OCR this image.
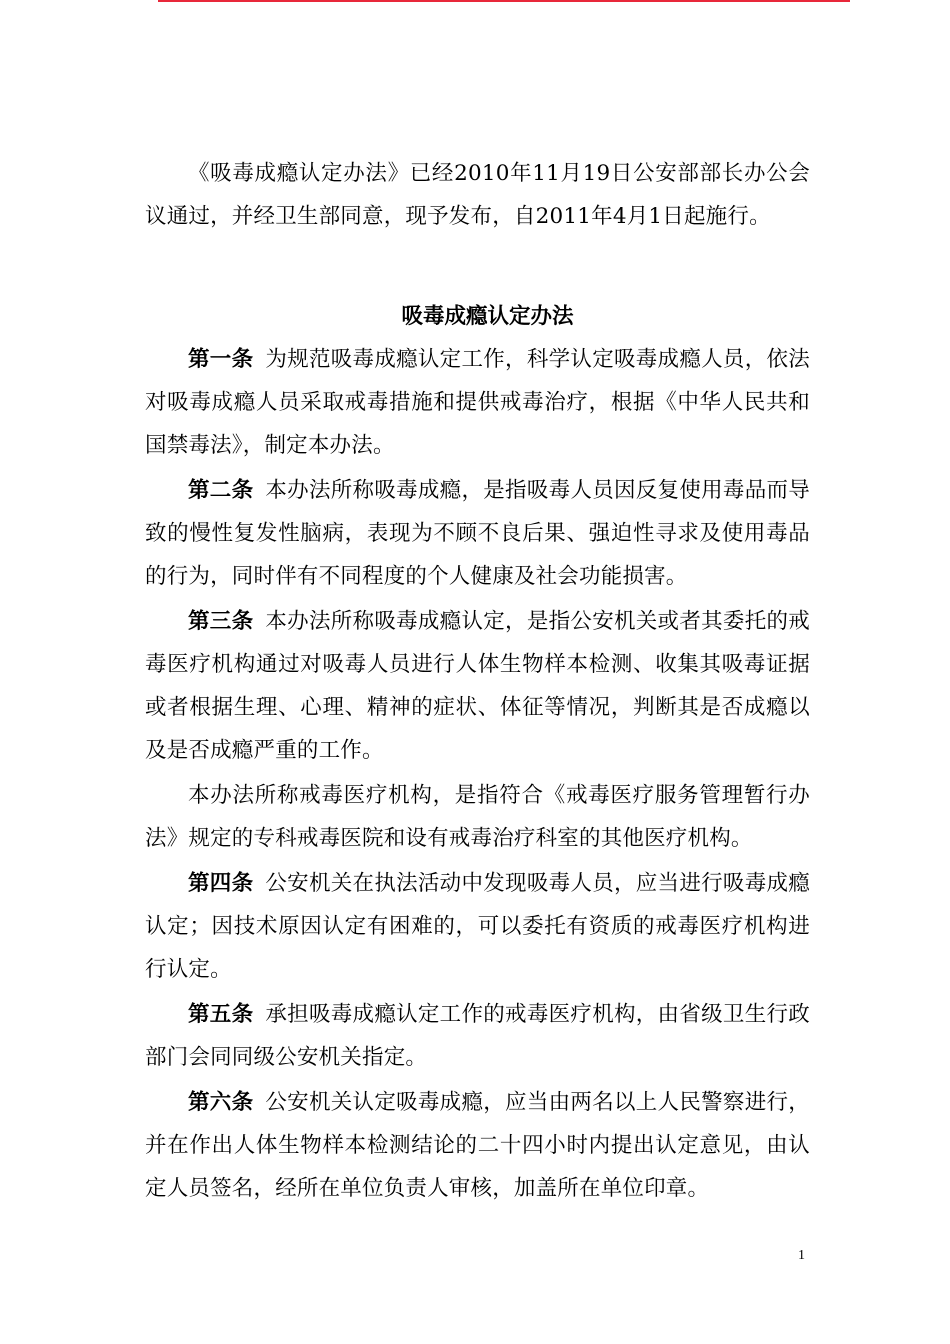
《吸毒成瘾认定办法》已经2010年11月19日公安部部长办公会议通过，并经卫生部同意，现予发布，自2011年4月1日起施行。

吸毒成瘾认定办法

第一条 为规范吸毒成瘾认定工作，科学认定吸毒成瘾人员，依法对吸毒成瘾人员采取戒毒措施和提供戒毒治疗，根据《中华人民共和国禁毒法》，制定本办法。

第二条 本办法所称吸毒成瘾，是指吸毒人员因反复使用毒品而导致的慢性复发性脑病，表现为不顾不良后果、强迫性寻求及使用毒品的行为，同时伴有不同程度的个人健康及社会功能损害。

第三条 本办法所称吸毒成瘾认定，是指公安机关或者其委托的戒毒医疗机构通过对吸毒人员进行人体生物样本检测、收集其吸毒证据或者根据生理、心理、精神的症状、体征等情况，判断其是否成瘾以及是否成瘾严重的工作。

本办法所称戒毒医疗机构，是指符合《戒毒医疗服务管理暂行办法》规定的专科戒毒医院和设有戒毒治疗科室的其他医疗机构。

第四条 公安机关在执法活动中发现吸毒人员，应当进行吸毒成瘾认定；因技术原因认定有困难的，可以委托有资质的戒毒医疗机构进行认定。

第五条 承担吸毒成瘾认定工作的戒毒医疗机构，由省级卫生行政部门会同同级公安机关指定。

第六条 公安机关认定吸毒成瘾，应当由两名以上人民警察进行，并在作出人体生物样本检测结论的二十四小时内提出认定意见，由认定人员签名，经所在单位负责人审核，加盖所在单位印章。

1
